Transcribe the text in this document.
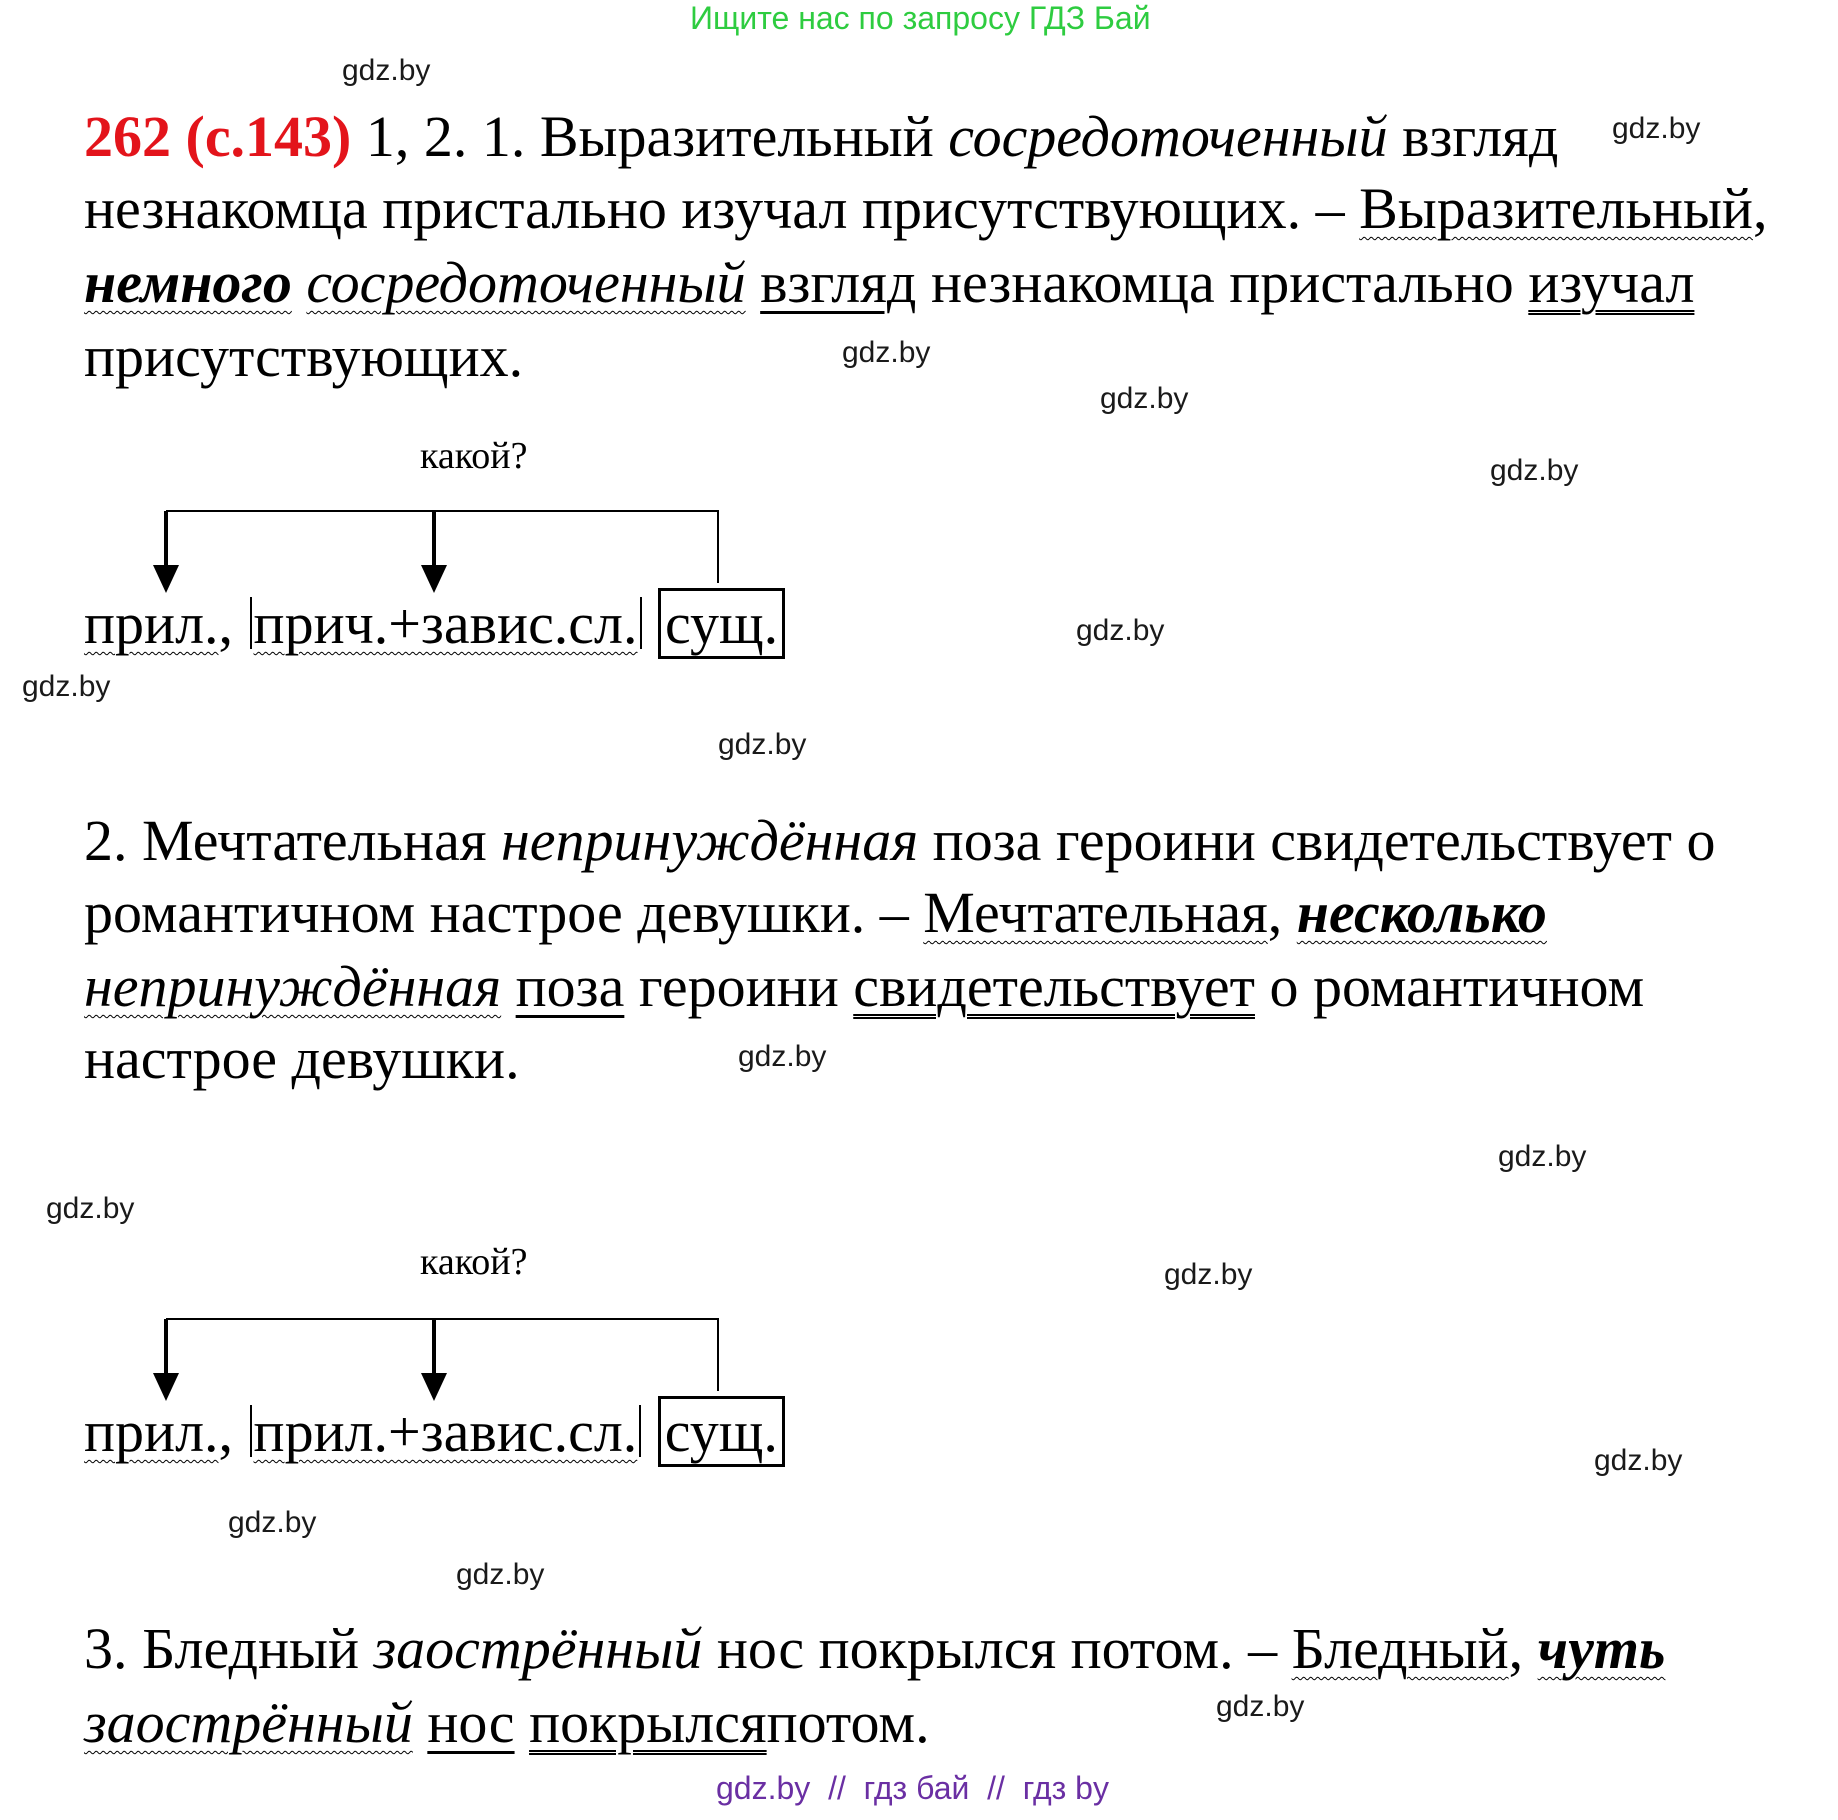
Ищите нас по запросу ГДЗ Бай
gdz.by
gdz.by
gdz.by
gdz.by
gdz.by
gdz.by
gdz.by
gdz.by
gdz.by
gdz.by
gdz.by
gdz.by
gdz.by
gdz.by
gdz.by
gdz.by
262 (с.143) 1, 2. 1. Выразительный сосредоточенный взгляд
незнакомца пристально изучал присутствующих. – Выразительный,
немного сосредоточенный взгляд незнакомца пристально изучал
присутствующих.
какой?
прил., прич.+завис.сл. сущ.
2. Мечтательная непринуждённая поза героини свидетельствует о
романтичном настрое девушки. – Мечтательная, несколько
непринуждённая поза героини свидетельствует о романтичном
настрое девушки.
какой?
прил., прил.+завис.сл. сущ.
3. Бледный заострённый нос покрылся потом. – Бледный, чуть
заострённый нос покрылсяпотом.
gdz.by  //  гдз бай  //  гдз by
